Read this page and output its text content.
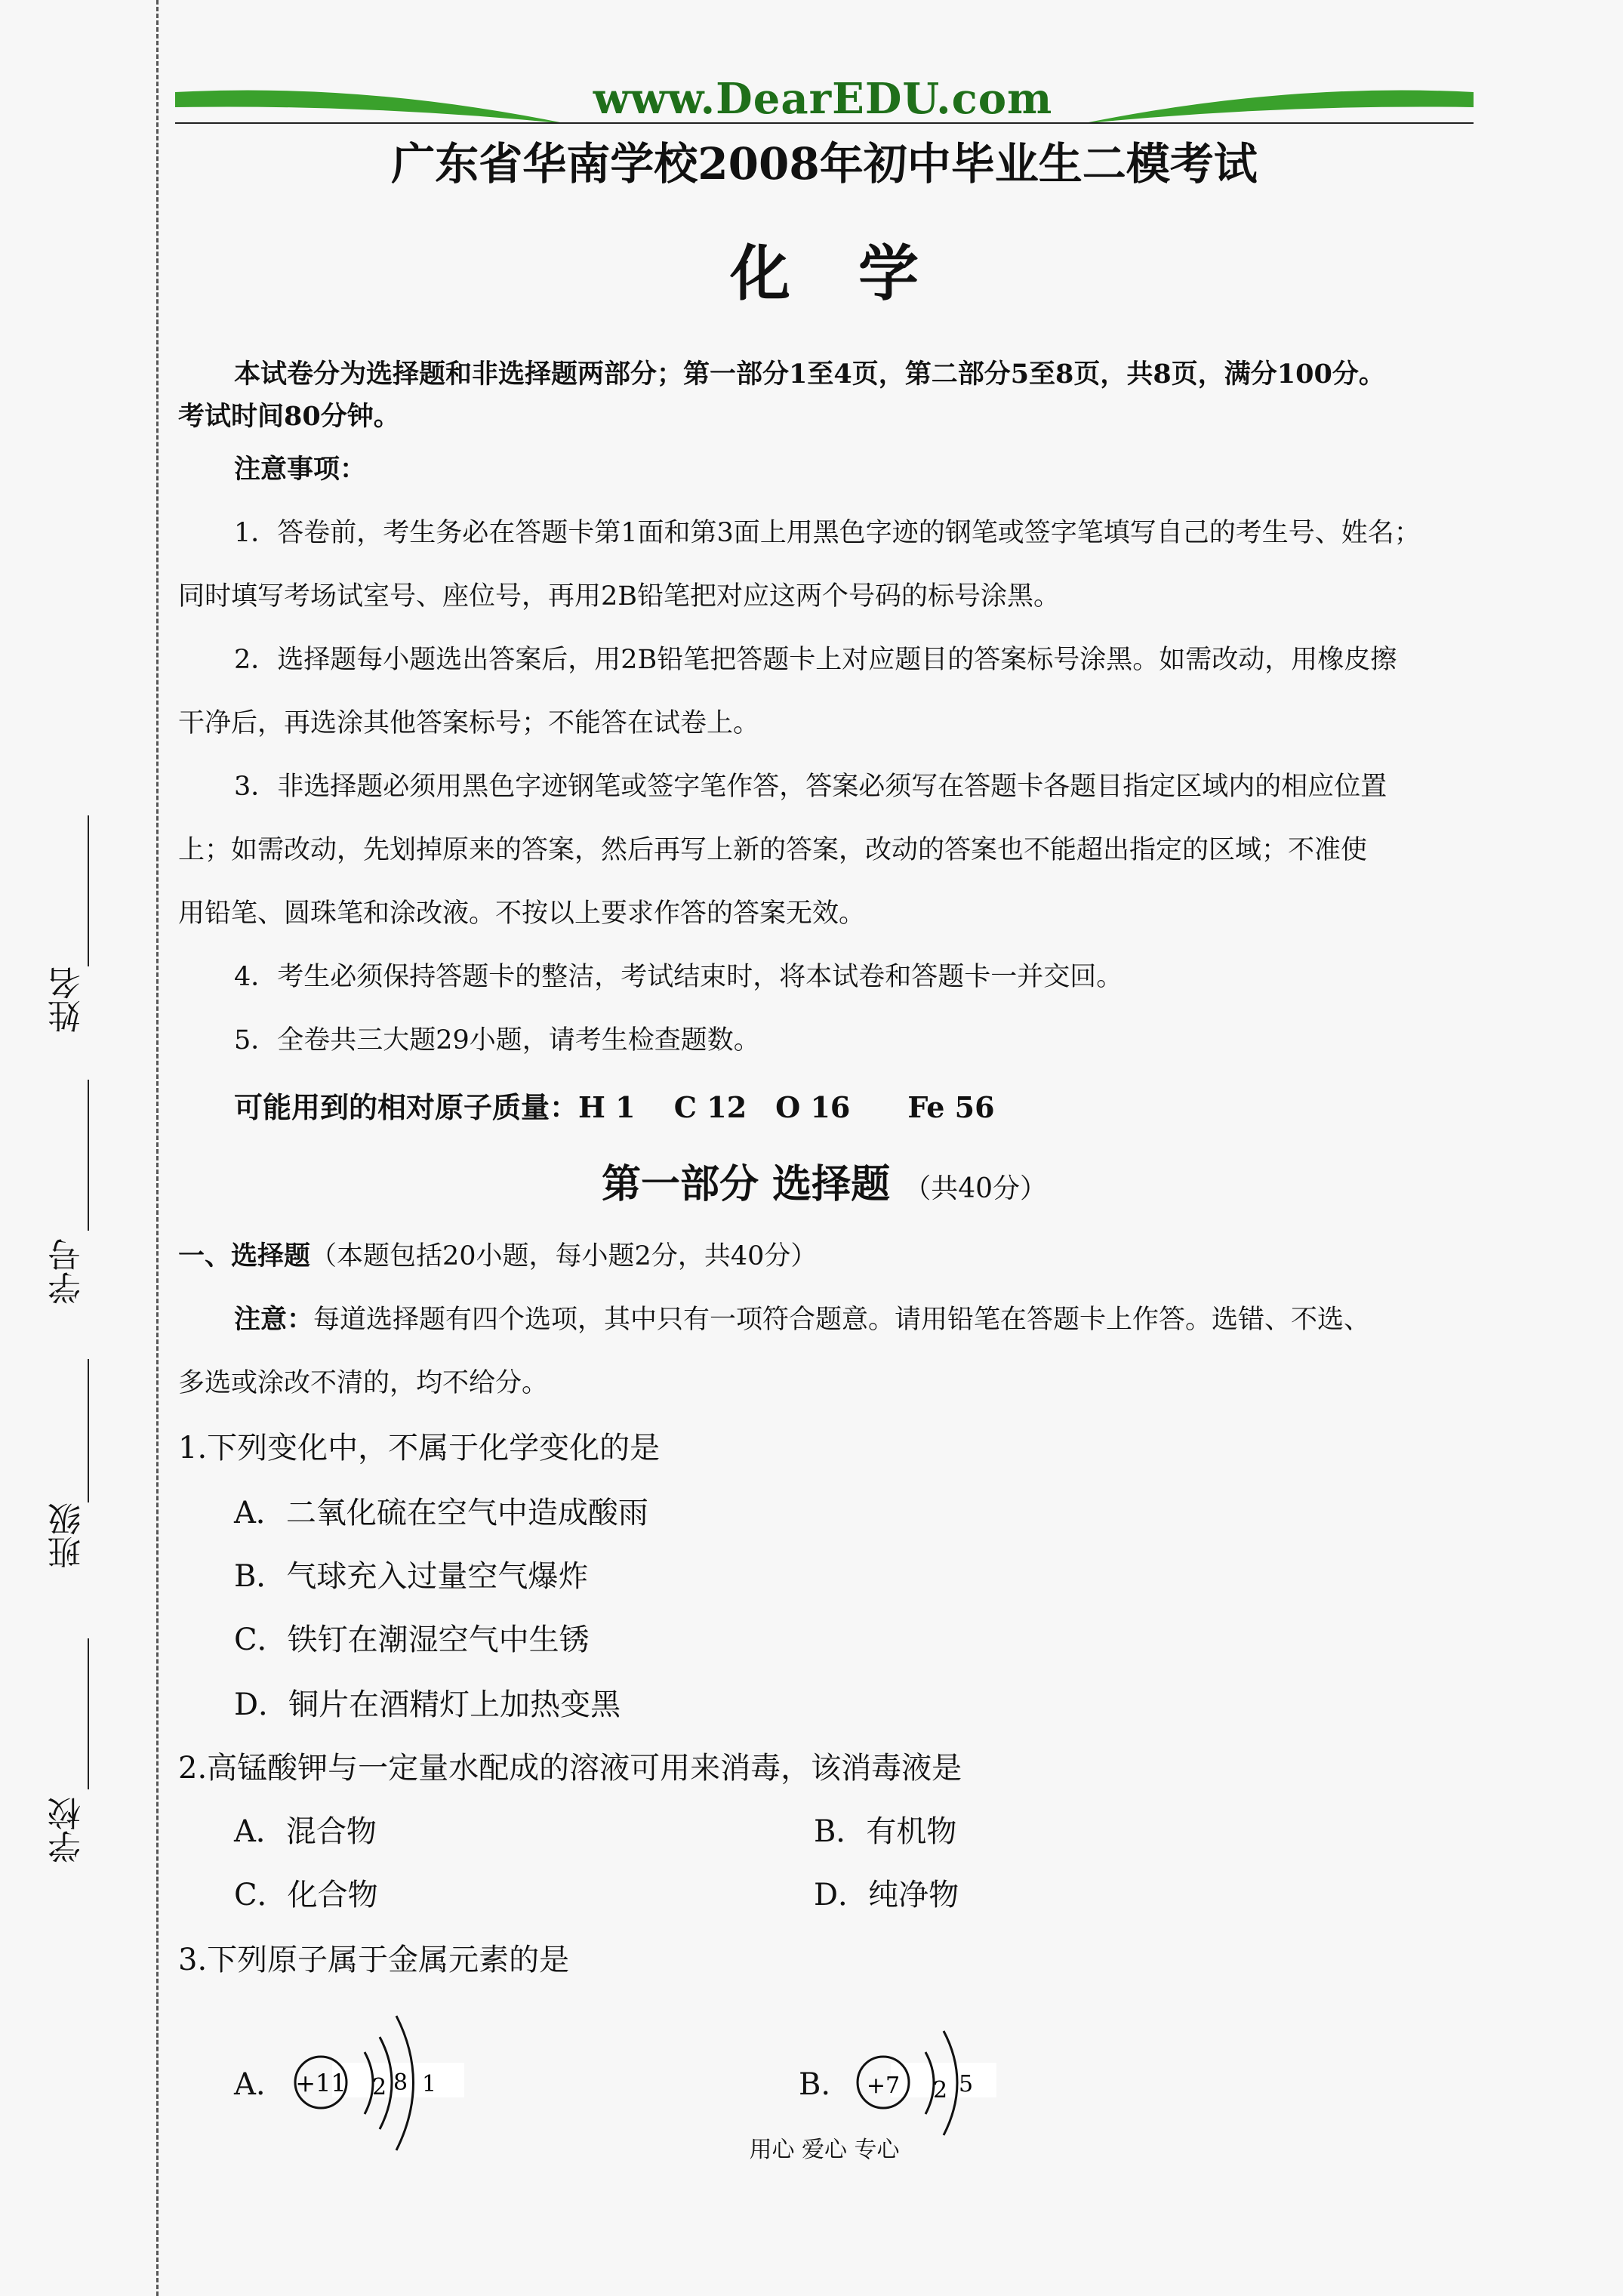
姓名
学号
班级
学校
www.DearEDU.com
广东省华南学校2008年初中毕业生二模考试
化学
本试卷分为选择题和非选择题两部分；第一部分1至4页，第二部分5至8页，共8页，满分100分。
考试时间80分钟。
注意事项：
1．答卷前，考生务必在答题卡第1面和第3面上用黑色字迹的钢笔或签字笔填写自己的考生号、姓名；
同时填写考场试室号、座位号，再用2B铅笔把对应这两个号码的标号涂黑。
2．选择题每小题选出答案后，用2B铅笔把答题卡上对应题目的答案标号涂黑。如需改动，用橡皮擦
干净后，再选涂其他答案标号；不能答在试卷上。
3．非选择题必须用黑色字迹钢笔或签字笔作答，答案必须写在答题卡各题目指定区域内的相应位置
上；如需改动，先划掉原来的答案，然后再写上新的答案，改动的答案也不能超出指定的区域；不准使
用铅笔、圆珠笔和涂改液。不按以上要求作答的答案无效。
4．考生必须保持答题卡的整洁，考试结束时，将本试卷和答题卡一并交回。
5．全卷共三大题29小题，请考生检查题数。
可能用到的相对原子质量：H 1　 C 12　O 16　　Fe 56
第一部分 选择题 （共40分）
一、选择题（本题包括20小题，每小题2分，共40分）
注意：每道选择题有四个选项，其中只有一项符合题意。请用铅笔在答题卡上作答。选错、不选、
多选或涂改不清的，均不给分。
1.下列变化中，不属于化学变化的是
A．二氧化硫在空气中造成酸雨
B．气球充入过量空气爆炸
C．铁钉在潮湿空气中生锈
D．铜片在酒精灯上加热变黑
2.高锰酸钾与一定量水配成的溶液可用来消毒，该消毒液是
A．混合物	B．有机物
C．化合物	D．纯净物
3.下列原子属于金属元素的是
A. +11 2 8 1	B. +7 2 5
用心 爱心 专心
